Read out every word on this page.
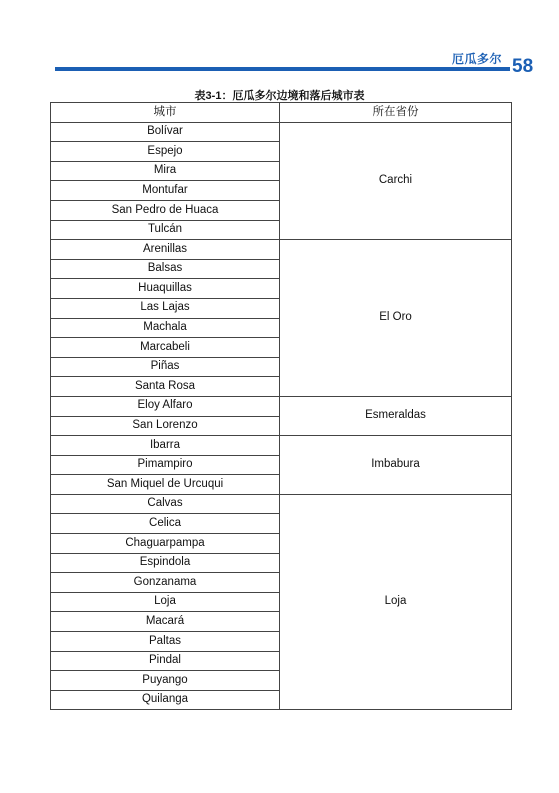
厄瓜多尔 58
表3-1：厄瓜多尔边境和落后城市表
城市	所在省份
Bolívar	Carchi
Espejo	
Mira	
Montufar	
San Pedro de Huaca	
Tulcán	
Arenillas	El Oro
Balsas	
Huaquillas	
Las Lajas	
Machala	
Marcabeli	
Piñas	
Santa Rosa	
Eloy Alfaro	Esmeraldas
San Lorenzo	
Ibarra	Imbabura
Pimampiro	
San Miquel de Urcuqui	
Calvas	Loja
Celica	
Chaguarpampa	
Espindola	
Gonzanama	
Loja	
Macará	
Paltas	
Pindal	
Puyango	
Quilanga	
